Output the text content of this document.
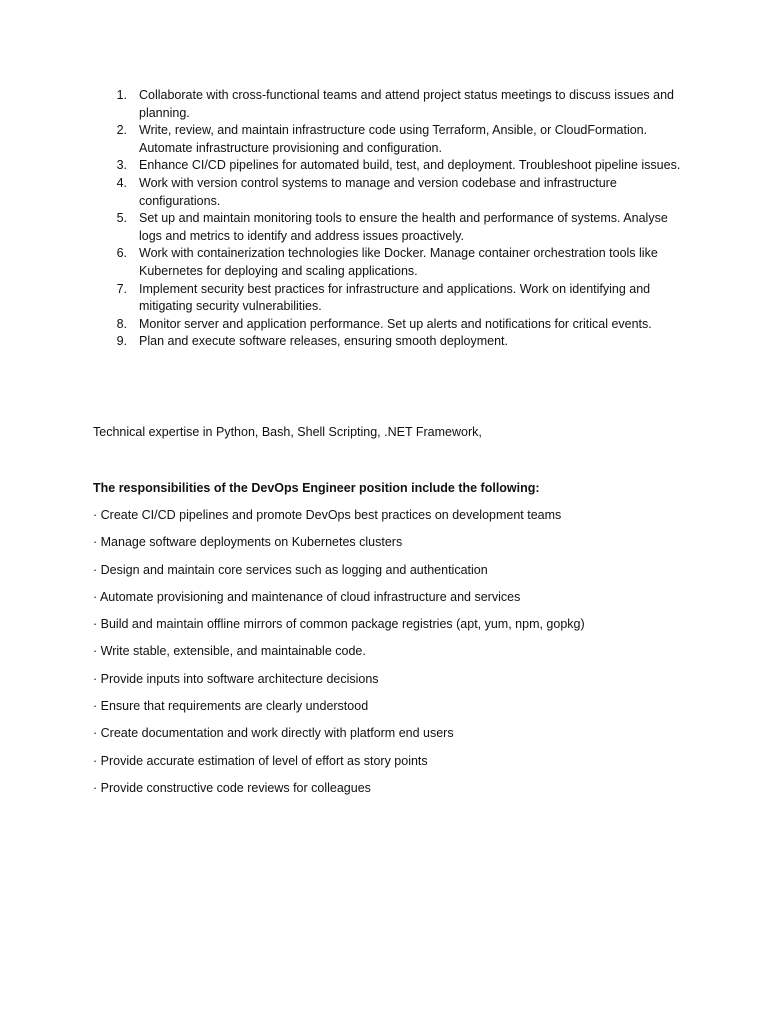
1. Collaborate with cross-functional teams and attend project status meetings to discuss issues and planning.
2. Write, review, and maintain infrastructure code using Terraform, Ansible, or CloudFormation. Automate infrastructure provisioning and configuration.
3. Enhance CI/CD pipelines for automated build, test, and deployment. Troubleshoot pipeline issues.
4. Work with version control systems to manage and version codebase and infrastructure configurations.
5. Set up and maintain monitoring tools to ensure the health and performance of systems. Analyse logs and metrics to identify and address issues proactively.
6. Work with containerization technologies like Docker. Manage container orchestration tools like Kubernetes for deploying and scaling applications.
7. Implement security best practices for infrastructure and applications. Work on identifying and mitigating security vulnerabilities.
8. Monitor server and application performance. Set up alerts and notifications for critical events.
9. Plan and execute software releases, ensuring smooth deployment.

Technical expertise in Python, Bash, Shell Scripting, .NET Framework,

The responsibilities of the DevOps Engineer position include the following:

· Create CI/CD pipelines and promote DevOps best practices on development teams
· Manage software deployments on Kubernetes clusters
· Design and maintain core services such as logging and authentication
· Automate provisioning and maintenance of cloud infrastructure and services
· Build and maintain offline mirrors of common package registries (apt, yum, npm, gopkg)
· Write stable, extensible, and maintainable code.
· Provide inputs into software architecture decisions
· Ensure that requirements are clearly understood
· Create documentation and work directly with platform end users
· Provide accurate estimation of level of effort as story points
· Provide constructive code reviews for colleagues
